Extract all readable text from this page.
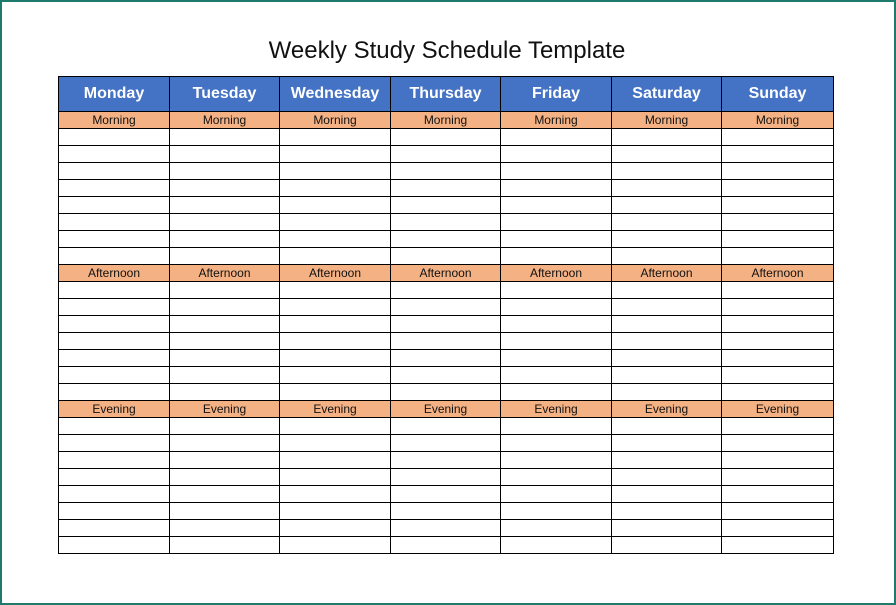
Weekly Study Schedule Template
Monday	Tuesday	Wednesday	Thursday	Friday	Saturday	Sunday
Morning	Morning	Morning	Morning	Morning	Morning	Morning

Afternoon	Afternoon	Afternoon	Afternoon	Afternoon	Afternoon	Afternoon

Evening	Evening	Evening	Evening	Evening	Evening	Evening
